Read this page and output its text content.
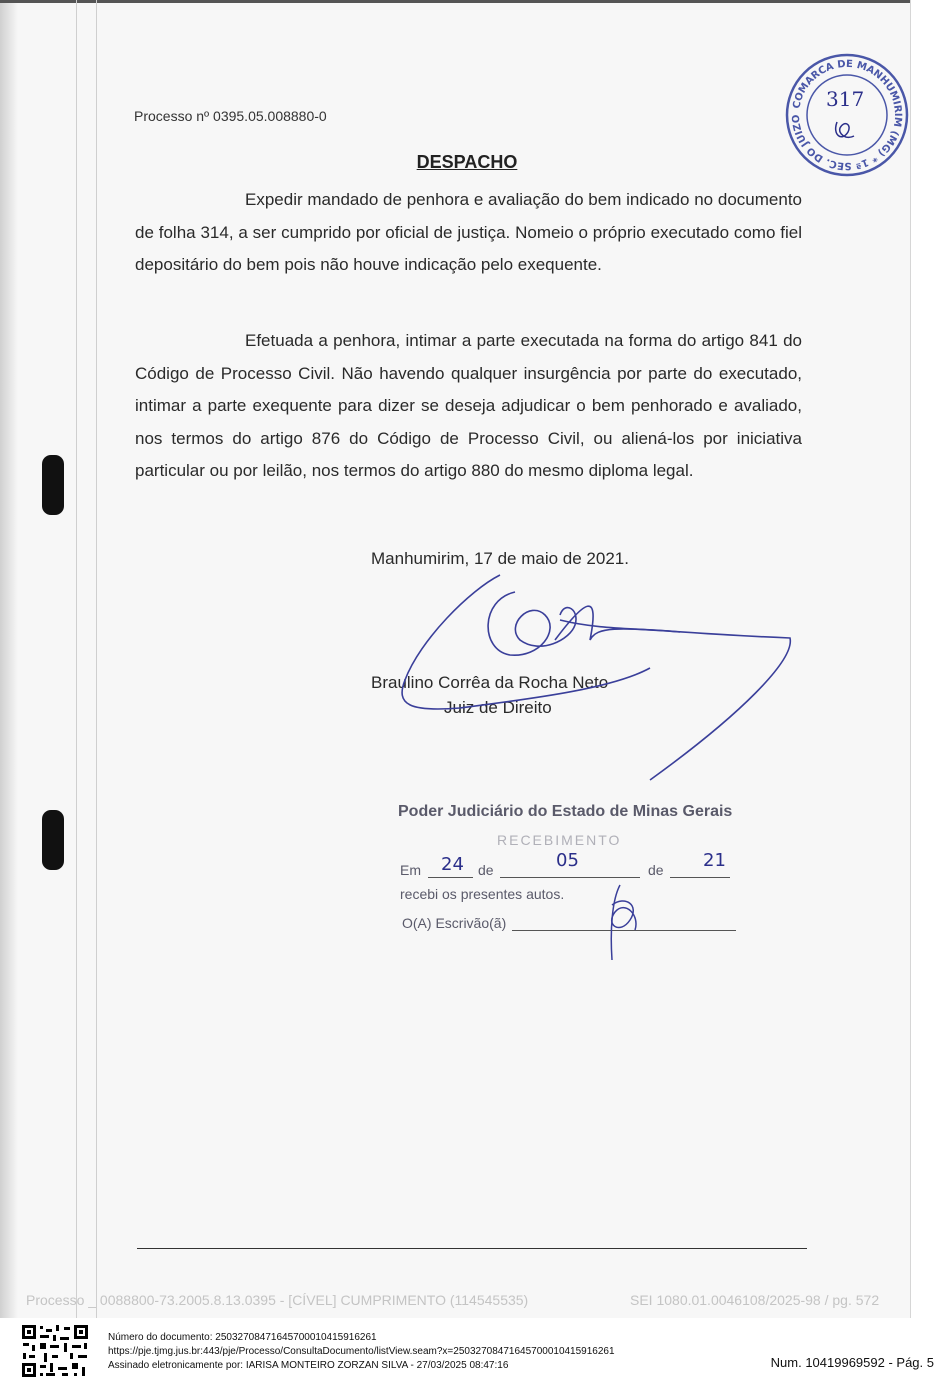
Processo nº 0395.05.008880-0
DESPACHO
Expedir mandado de penhora e avaliação do bem indicado no documento de folha 314, a ser cumprido por oficial de justiça. Nomeio o próprio executado como fiel depositário do bem pois não houve indicação pelo exequente.
Efetuada a penhora, intimar a parte executada na forma do artigo 841 do Código de Processo Civil. Não havendo qualquer insurgência por parte do executado, intimar a parte exequente para dizer se deseja adjudicar o bem penhorado e avaliado, nos termos do artigo 876 do Código de Processo Civil, ou aliená-los por iniciativa particular ou por leilão, nos termos do artigo 880 do mesmo diploma legal.
Manhumirim, 17 de maio de 2021.
Braulino Corrêa da Rocha Neto
Juiz de Direito
Poder Judiciário do Estado de Minas Gerais
RECEBIMENTO
Em 24 de	05	de 21
recebi os presentes autos.
O(A) Escrivão(ã)
COMARCA DE MANHUMIRIM (MG) * 1ª SEC. DO JUIZO
317
Processo _ 0088800-73.2005.8.13.0395 - [CÍVEL] CUMPRIMENTO (114545535)	SEI 1080.01.0046108/2025-98 / pg. 572
Número do documento: 25032708471645700010415916261
https://pje.tjmg.jus.br:443/pje/Processo/ConsultaDocumento/listView.seam?x=25032708471645700010415916261
Assinado eletronicamente por: IARISA MONTEIRO ZORZAN SILVA - 27/03/2025 08:47:16	Num. 10419969592 - Pág. 5
